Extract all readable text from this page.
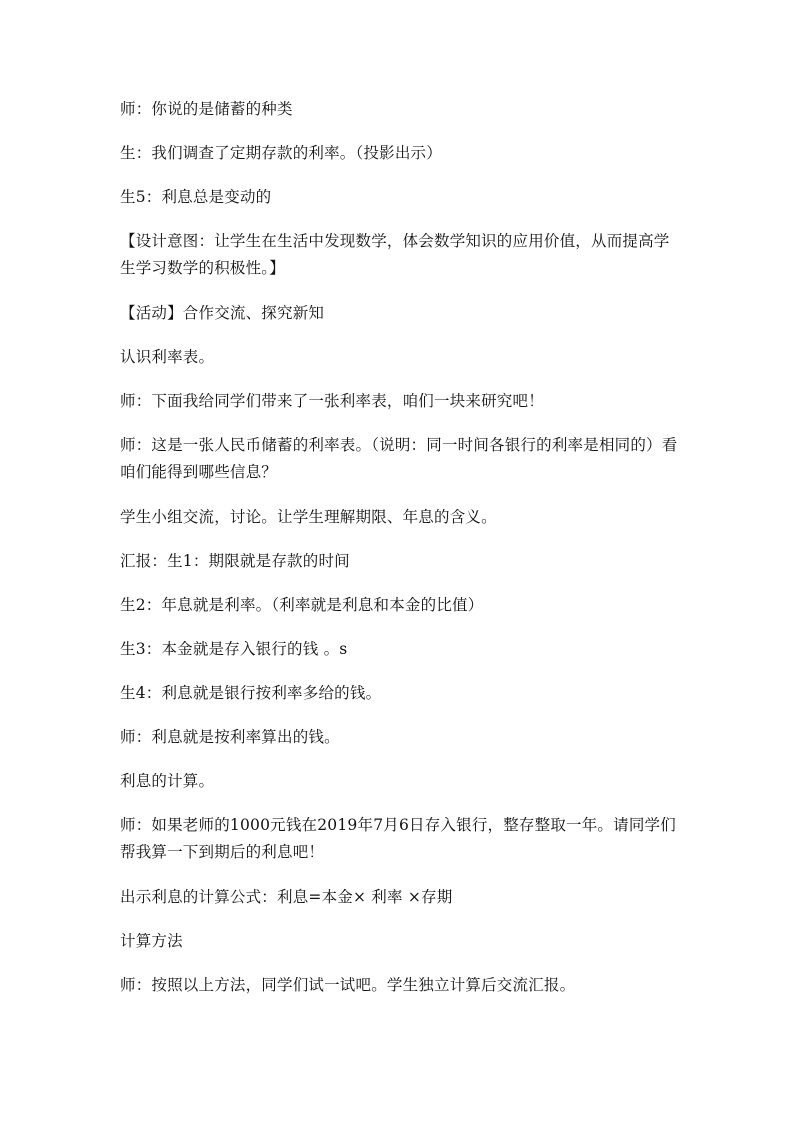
师：你说的是储蓄的种类

生：我们调查了定期存款的利率。（投影出示）

生5：利息总是变动的

【设计意图：让学生在生活中发现数学，体会数学知识的应用价值，从而提高学生学习数学的积极性。】

【活动】合作交流、探究新知

认识利率表。

师：下面我给同学们带来了一张利率表，咱们一块来研究吧！

师：这是一张人民币储蓄的利率表。（说明：同一时间各银行的利率是相同的）看咱们能得到哪些信息？

学生小组交流，讨论。让学生理解期限、年息的含义。

汇报：生1：期限就是存款的时间

生2：年息就是利率。（利率就是利息和本金的比值）

生3：本金就是存入银行的钱 。s

生4：利息就是银行按利率多给的钱。

师：利息就是按利率算出的钱。

利息的计算。

师：如果老师的1000元钱在2019年7月6日存入银行，整存整取一年。请同学们帮我算一下到期后的利息吧！

出示利息的计算公式：利息=本金× 利率 ×存期

计算方法

师：按照以上方法，同学们试一试吧。学生独立计算后交流汇报。
